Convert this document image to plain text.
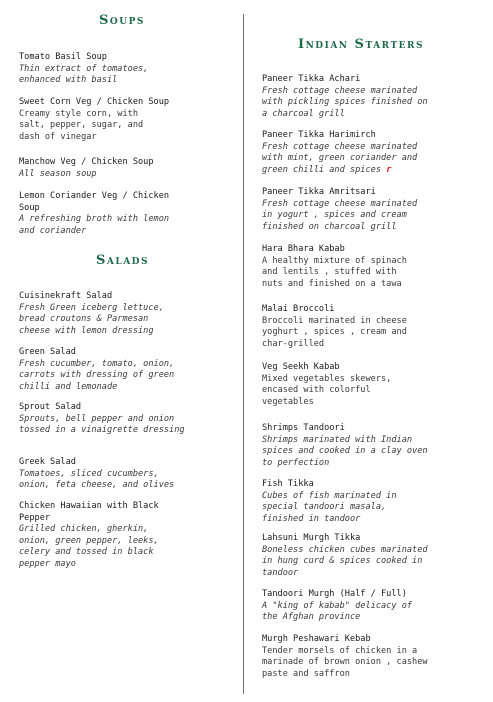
Soups
Tomato Basil Soup
Thin extract of tomatoes, enhanced with basil
Sweet Corn Veg / Chicken Soup
Creamy style corn, with salt, pepper, sugar, and dash of vinegar
Manchow Veg / Chicken Soup
All season soup
Lemon Coriander Veg / Chicken Soup
A refreshing broth with lemon and coriander
Salads
Cuisinekraft Salad
Fresh Green iceberg lettuce, bread croutons & Parmesan cheese with lemon dressing
Green Salad
Fresh cucumber, tomato, onion, carrots with dressing of green chilli and lemonade
Sprout Salad
Sprouts, bell pepper and onion tossed in a vinaigrette dressing
Greek Salad
Tomatoes, sliced cucumbers, onion, feta cheese, and olives
Chicken Hawaiian with Black Pepper
Grilled chicken, gherkin, onion, green pepper, leeks, celery and tossed in black pepper mayo
Indian Starters
Paneer Tikka Achari
Fresh cottage cheese marinated with pickling spices finished on a charcoal grill
Paneer Tikka Harimirch
Fresh cottage cheese marinated with mint, green coriander and green chilli and spices r
Paneer Tikka Amritsari
Fresh cottage cheese marinated in yogurt , spices and cream finished on charcoal grill
Hara Bhara Kabab
A healthy mixture of spinach and lentils , stuffed with nuts and finished on a tawa
Malai Broccoli
Broccoli marinated in cheese yoghurt , spices , cream and char-grilled
Veg Seekh Kabab
Mixed vegetables skewers, encased with colorful vegetables
Shrimps Tandoori
Shrimps marinated with Indian spices and cooked in a clay oven to perfection
Fish Tikka
Cubes of fish marinated in special tandoori masala, finished in tandoor
Lahsuni Murgh Tikka
Boneless chicken cubes marinated in hung curd & spices cooked in tandoor
Tandoori Murgh (Half / Full)
A "king of kabab" delicacy of the Afghan province
Murgh Peshawari Kebab
Tender morsels of chicken in a marinade of brown onion , cashew paste and saffron
